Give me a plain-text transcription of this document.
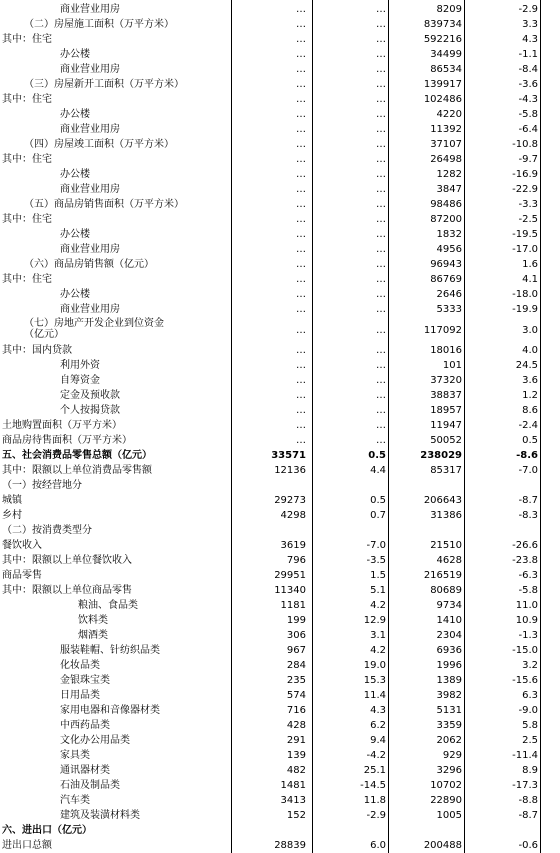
商业营业用房	…	…	8209	-2.9
（二）房屋施工面积（万平方米）	…	…	839734	3.3
其中：住宅	…	…	592216	4.3
办公楼	…	…	34499	-1.1
商业营业用房	…	…	86534	-8.4
（三）房屋新开工面积（万平方米）	…	…	139917	-3.6
其中：住宅	…	…	102486	-4.3
办公楼	…	…	4220	-5.8
商业营业用房	…	…	11392	-6.4
（四）房屋竣工面积（万平方米）	…	…	37107	-10.8
其中：住宅	…	…	26498	-9.7
办公楼	…	…	1282	-16.9
商业营业用房	…	…	3847	-22.9
（五）商品房销售面积（万平方米）	…	…	98486	-3.3
其中：住宅	…	…	87200	-2.5
办公楼	…	…	1832	-19.5
商业营业用房	…	…	4956	-17.0
（六）商品房销售额（亿元）	…	…	96943	1.6
其中：住宅	…	…	86769	4.1
办公楼	…	…	2646	-18.0
商业营业用房	…	…	5333	-19.9
（七）房地产开发企业到位资金
（亿元）	…	…	117092	3.0
其中：国内贷款	…	…	18016	4.0
利用外资	…	…	101	24.5
自筹资金	…	…	37320	3.6
定金及预收款	…	…	38837	1.2
个人按揭贷款	…	…	18957	8.6
土地购置面积（万平方米）	…	…	11947	-2.4
商品房待售面积（万平方米）	…	…	50052	0.5
五、社会消费品零售总额（亿元）	33571	0.5	238029	-8.6
其中：限额以上单位消费品零售额	12136	4.4	85317	-7.0
（一）按经营地分
城镇	29273	0.5	206643	-8.7
乡村	4298	0.7	31386	-8.3
（二）按消费类型分
餐饮收入	3619	-7.0	21510	-26.6
其中：限额以上单位餐饮收入	796	-3.5	4628	-23.8
商品零售	29951	1.5	216519	-6.3
其中：限额以上单位商品零售	11340	5.1	80689	-5.8
粮油、食品类	1181	4.2	9734	11.0
饮料类	199	12.9	1410	10.9
烟酒类	306	3.1	2304	-1.3
服装鞋帽、针纺织品类	967	4.2	6936	-15.0
化妆品类	284	19.0	1996	3.2
金银珠宝类	235	15.3	1389	-15.6
日用品类	574	11.4	3982	6.3
家用电器和音像器材类	716	4.3	5131	-9.0
中西药品类	428	6.2	3359	5.8
文化办公用品类	291	9.4	2062	2.5
家具类	139	-4.2	929	-11.4
通讯器材类	482	25.1	3296	8.9
石油及制品类	1481	-14.5	10702	-17.3
汽车类	3413	11.8	22890	-8.8
建筑及装潢材料类	152	-2.9	1005	-8.7
六、进出口（亿元）
进出口总额	28839	6.0	200488	-0.6
